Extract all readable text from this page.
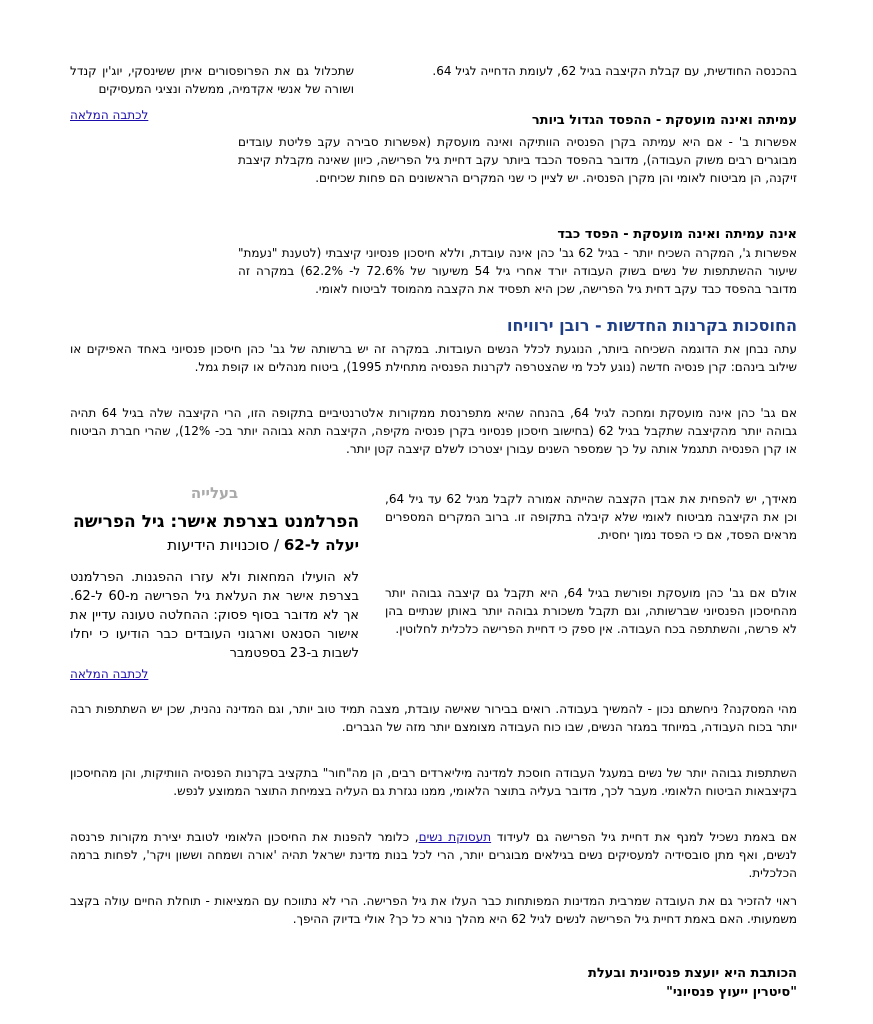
שתכלול גם את הפרופסורים איתן ששינסקי, יוג'ין קנדל ושורה של אנשי אקדמיה, ממשלה ונציגי המעסיקים

לכתבה המלאה

בהכנסה החודשית, עם קבלת הקיצבה בגיל 62, לעומת הדחייה לגיל 64.

עמיתה ואינה מועסקת - ההפסד הגדול ביותר

אפשרות ב' - אם היא עמיתה בקרן הפנסיה הוותיקה ואינה מועסקת (אפשרות סבירה עקב פליטת עובדים מבוגרים רבים משוק העבודה), מדובר בהפסד הכבד ביותר עקב דחיית גיל הפרישה, כיוון שאינה מקבלת קיצבת זיקנה, הן מביטוח לאומי והן מקרן הפנסיה. יש לציין כי שני המקרים הראשונים הם פחות שכיחים.

אינה עמיתה ואינה מועסקת - הפסד כבד

אפשרות ג', המקרה השכיח יותר - בגיל 62 גב' כהן אינה עובדת, וללא חיסכון פנסיוני קיצבתי (לטענת "נעמת" שיעור ההשתתפות של נשים בשוק העבודה יורד אחרי גיל 54 משיעור של 72.6% ל- 62.2%) במקרה זה מדובר בהפסד כבד עקב דחית גיל הפרישה, שכן היא תפסיד את הקצבה מהמוסד לביטוח לאומי.

החוסכות בקרנות החדשות - רובן ירוויחו

עתה נבחן את הדוגמה השכיחה ביותר, הנוגעת לכלל הנשים העובדות. במקרה זה יש ברשותה של גב' כהן חיסכון פנסיוני באחד האפיקים או שילוב בינהם: קרן פנסיה חדשה (נוגע לכל מי שהצטרפה לקרנות הפנסיה מתחילת 1995), ביטוח מנהלים או קופת גמל.

אם גב' כהן אינה מועסקת ומחכה לגיל 64, בהנחה שהיא מתפרנסת ממקורות אלטרנטיביים בתקופה הזו, הרי הקיצבה שלה בגיל 64 תהיה גבוהה יותר מהקיצבה שתקבל בגיל 62 (בחישוב חיסכון פנסיוני בקרן פנסיה מקיפה, הקיצבה תהא גבוהה יותר בכ- 12%), שהרי חברת הביטוח או קרן הפנסיה תתגמל אותה על כך שמספר השנים עבורן יצטרכו לשלם קיצבה קטן יותר.

בעלייה
הפרלמנט בצרפת אישר: גיל הפרישה
יעלה ל-62 / סוכנויות הידיעות

לא הועילו המחאות ולא עזרו ההפגנות. הפרלמנט בצרפת אישר את העלאת גיל הפרישה מ-60 ל-62. אך לא מדובר בסוף פסוק: ההחלטה טעונה עדיין את אישור הסנאט וארגוני העובדים כבר הודיעו כי יחלו לשבות ב-23 בספטמבר

לכתבה המלאה

מאידך, יש להפחית את אבדן הקצבה שהייתה אמורה לקבל מגיל 62 עד גיל 64, וכן את הקיצבה מביטוח לאומי שלא קיבלה בתקופה זו. ברוב המקרים המספרים מראים הפסד, אם כי הפסד נמוך יחסית.

אולם אם גב' כהן מועסקת ופורשת בגיל 64, היא תקבל גם קיצבה גבוהה יותר מהחיסכון הפנסיוני שברשותה, וגם תקבל משכורת גבוהה יותר באותן שנתיים בהן לא פרשה, והשתתפה בכח העבודה. אין ספק כי דחיית הפרישה כלכלית לחלוטין.

מהי המסקנה? ניחשתם נכון - להמשיך בעבודה. רואים בבירור שאישה עובדת, מצבה תמיד טוב יותר, וגם המדינה נהנית, שכן יש השתתפות רבה יותר בכוח העבודה, במיוחד במגזר הנשים, שבו כוח העבודה מצומצם יותר מזה של הגברים.

השתתפות גבוהה יותר של נשים במעגל העבודה חוסכת למדינה מיליארדים רבים, הן מה"חור" בתקציב בקרנות הפנסיה הוותיקות, והן מהחיסכון בקיצבאות הביטוח הלאומי. מעבר לכך, מדובר בעליה בתוצר הלאומי, ממנו נגזרת גם העליה בצמיחת התוצר הממוצע לנפש.

אם באמת נשכיל למנף את דחיית גיל הפרישה גם לעידוד תעסוקת נשים, כלומר להפנות את החיסכון הלאומי לטובת יצירת מקורות פרנסה לנשים, ואף מתן סובסידיה למעסיקים נשים בגילאים מבוגרים יותר, הרי לכל בנות מדינת ישראל תהיה 'אורה ושמחה וששון ויקר', לפחות ברמה הכלכלית.

ראוי להזכיר גם את העובדה שמרבית המדינות המפותחות כבר העלו את גיל הפרישה. הרי לא נתווכח עם המציאות - תוחלת החיים עולה בקצב משמעותי. האם באמת דחיית גיל הפרישה לנשים לגיל 62 היא מהלך נורא כל כך? אולי בדיוק ההיפך.

הכותבת היא יועצת פנסיונית ובעלת
"סיטרין ייעוץ פנסיוני"
